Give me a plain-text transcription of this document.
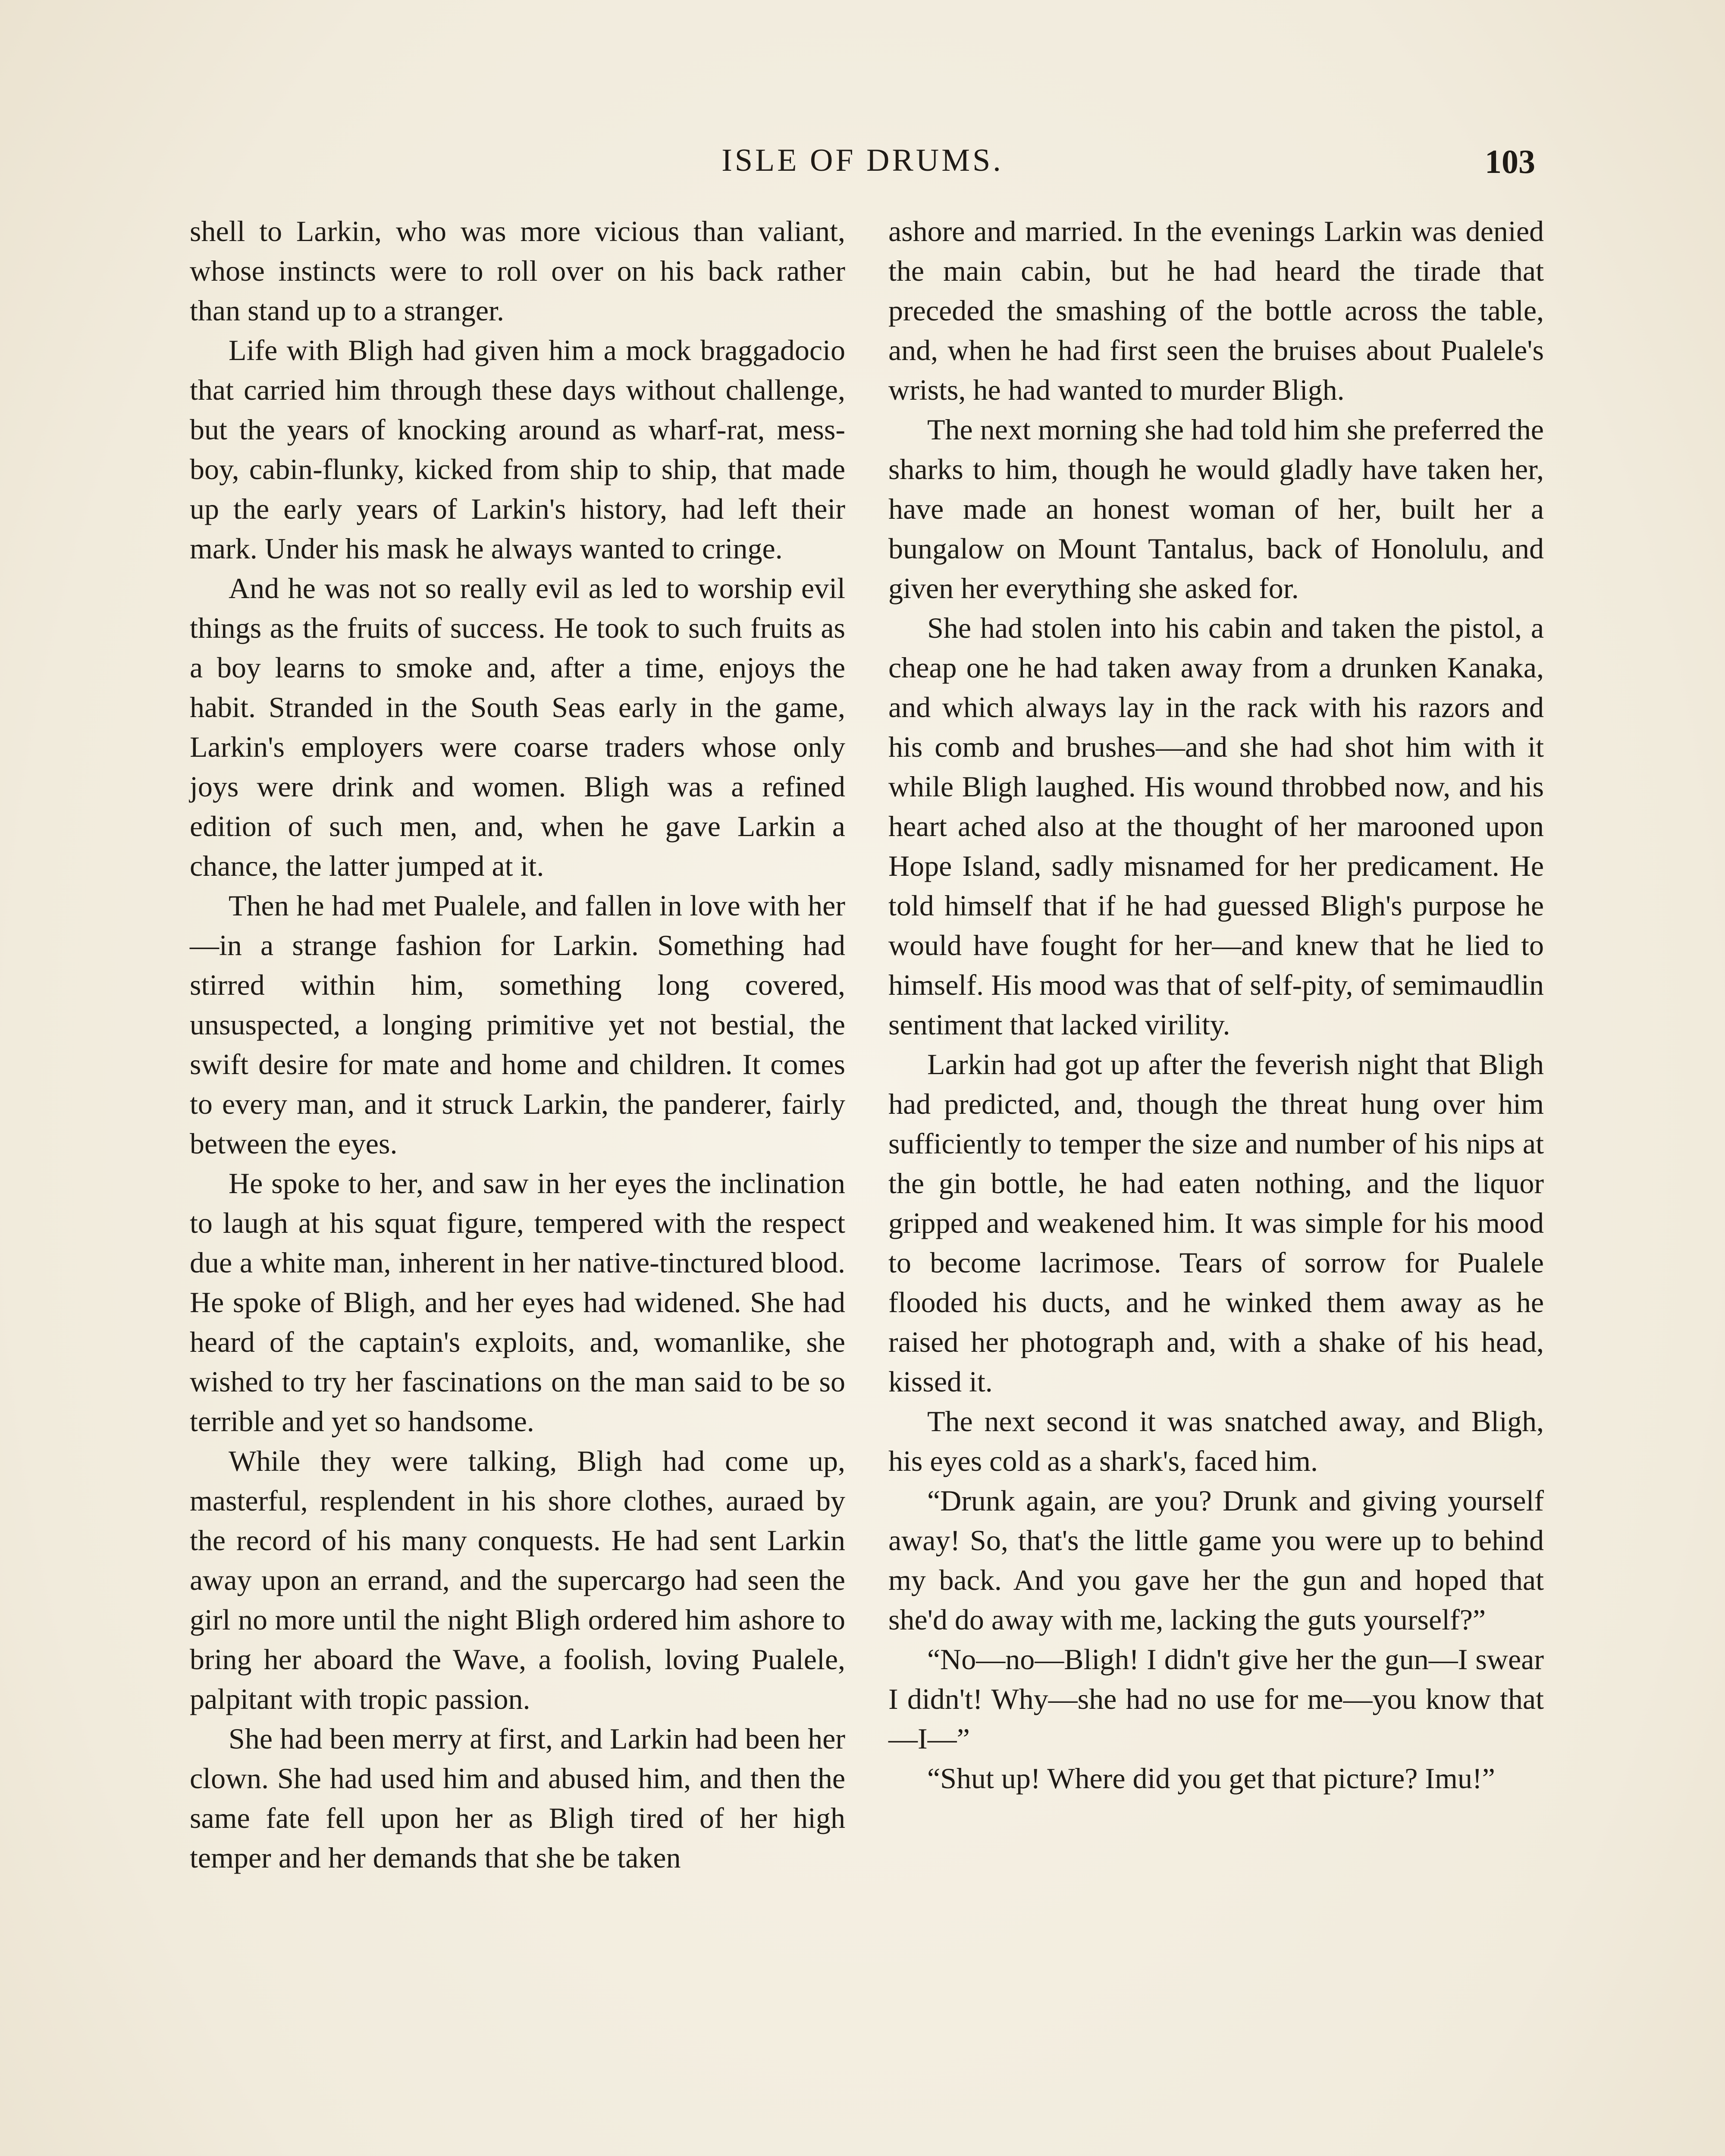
ISLE OF DRUMS.	103

shell to Larkin, who was more vicious than valiant, whose instincts were to roll over on his back rather than stand up to a stranger.

Life with Bligh had given him a mock braggadocio that carried him through these days without challenge, but the years of knocking around as wharf-rat, mess-boy, cabin-flunky, kicked from ship to ship, that made up the early years of Larkin's history, had left their mark. Under his mask he always wanted to cringe.

And he was not so really evil as led to worship evil things as the fruits of success. He took to such fruits as a boy learns to smoke and, after a time, enjoys the habit. Stranded in the South Seas early in the game, Larkin's employers were coarse traders whose only joys were drink and women. Bligh was a refined edition of such men, and, when he gave Larkin a chance, the latter jumped at it.

Then he had met Pualele, and fallen in love with her—in a strange fashion for Larkin. Something had stirred within him, something long covered, unsuspected, a longing primitive yet not bestial, the swift desire for mate and home and children. It comes to every man, and it struck Larkin, the panderer, fairly between the eyes.

He spoke to her, and saw in her eyes the inclination to laugh at his squat figure, tempered with the respect due a white man, inherent in her native-tinctured blood. He spoke of Bligh, and her eyes had widened. She had heard of the captain's exploits, and, womanlike, she wished to try her fascinations on the man said to be so terrible and yet so handsome.

While they were talking, Bligh had come up, masterful, resplendent in his shore clothes, auraed by the record of his many conquests. He had sent Larkin away upon an errand, and the supercargo had seen the girl no more until the night Bligh ordered him ashore to bring her aboard the Wave, a foolish, loving Pualele, palpitant with tropic passion.

She had been merry at first, and Larkin had been her clown. She had used him and abused him, and then the same fate fell upon her as Bligh tired of her high temper and her demands that she be taken

ashore and married. In the evenings Larkin was denied the main cabin, but he had heard the tirade that preceded the smashing of the bottle across the table, and, when he had first seen the bruises about Pualele's wrists, he had wanted to murder Bligh.

The next morning she had told him she preferred the sharks to him, though he would gladly have taken her, have made an honest woman of her, built her a bungalow on Mount Tantalus, back of Honolulu, and given her everything she asked for.

She had stolen into his cabin and taken the pistol, a cheap one he had taken away from a drunken Kanaka, and which always lay in the rack with his razors and his comb and brushes—and she had shot him with it while Bligh laughed. His wound throbbed now, and his heart ached also at the thought of her marooned upon Hope Island, sadly misnamed for her predicament. He told himself that if he had guessed Bligh's purpose he would have fought for her—and knew that he lied to himself. His mood was that of self-pity, of semimaudlin sentiment that lacked virility.

Larkin had got up after the feverish night that Bligh had predicted, and, though the threat hung over him sufficiently to temper the size and number of his nips at the gin bottle, he had eaten nothing, and the liquor gripped and weakened him. It was simple for his mood to become lacrimose. Tears of sorrow for Pualele flooded his ducts, and he winked them away as he raised her photograph and, with a shake of his head, kissed it.

The next second it was snatched away, and Bligh, his eyes cold as a shark's, faced him.

“Drunk again, are you? Drunk and giving yourself away! So, that's the little game you were up to behind my back. And you gave her the gun and hoped that she'd do away with me, lacking the guts yourself?”

“No—no—Bligh! I didn't give her the gun—I swear I didn't! Why—she had no use for me—you know that—I—”

“Shut up! Where did you get that picture? Imu!”
